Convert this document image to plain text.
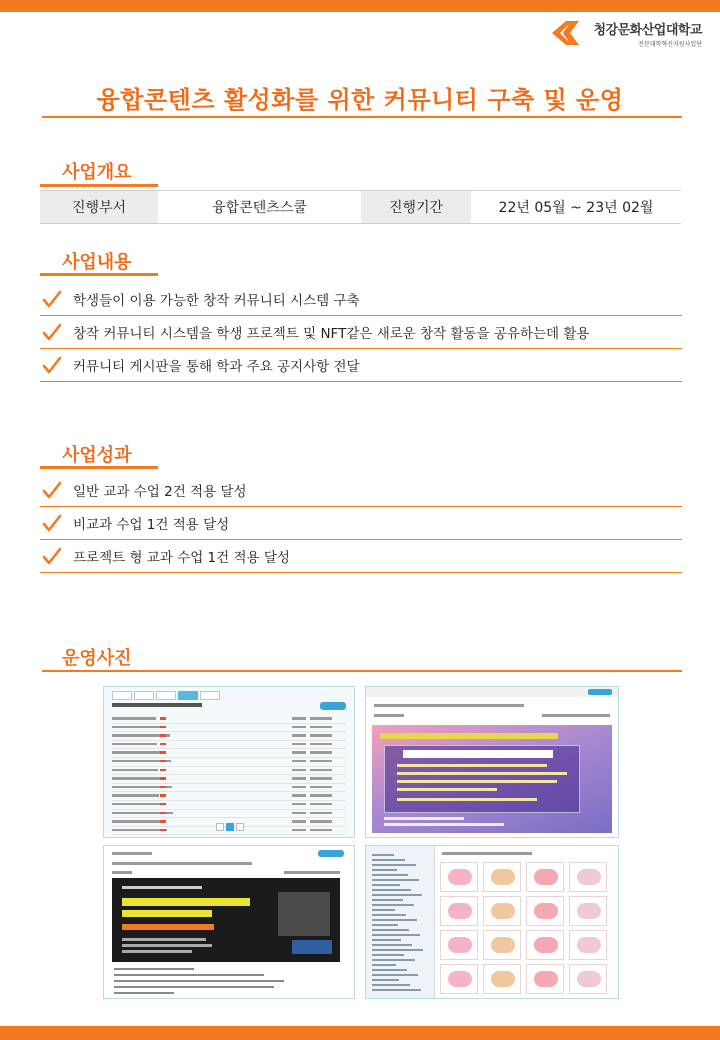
청강문화산업대학교
전문대학혁신지원사업단
융합콘텐츠 활성화를 위한 커뮤니티 구축 및 운영
사업개요
진행부서	융합콘텐츠스쿨	진행기간	22년 05월 ~ 23년 02월
사업내용
학생들이 이용 가능한 창작 커뮤니티 시스템 구축
창작 커뮤니티 시스템을 학생 프로젝트 및 NFT같은 새로운 창작 활동을 공유하는데 활용
커뮤니티 게시판을 통해 학과 주요 공지사항 전달
사업성과
일반 교과 수업 2건 적용 달성
비교과 수업 1건 적용 달성
프로젝트 형 교과 수업 1건 적용 달성
운영사진
